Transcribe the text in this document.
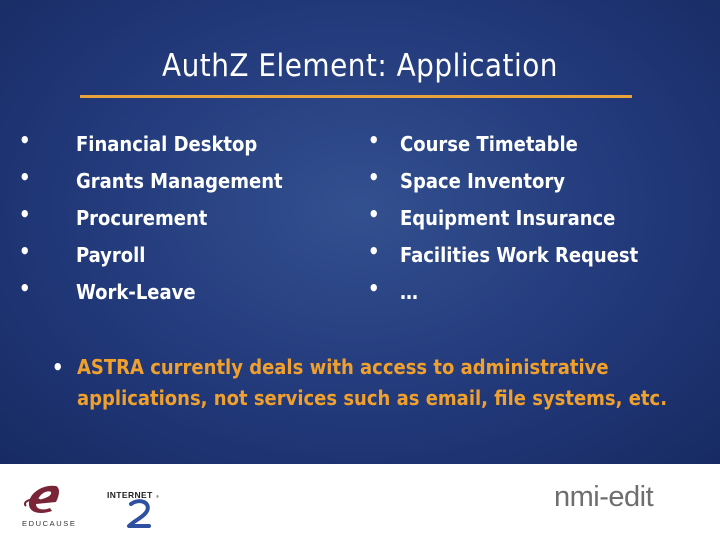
AuthZ Element: Application
• Financial Desktop
• Grants Management
• Procurement
• Payroll
• Work-Leave
• Course Timetable
• Space Inventory
• Equipment Insurance
• Facilities Work Request
• …
• ASTRA currently deals with access to administrative applications, not services such as email, file systems, etc.
EDUCAUSE
INTERNET ®	nmi-edit
